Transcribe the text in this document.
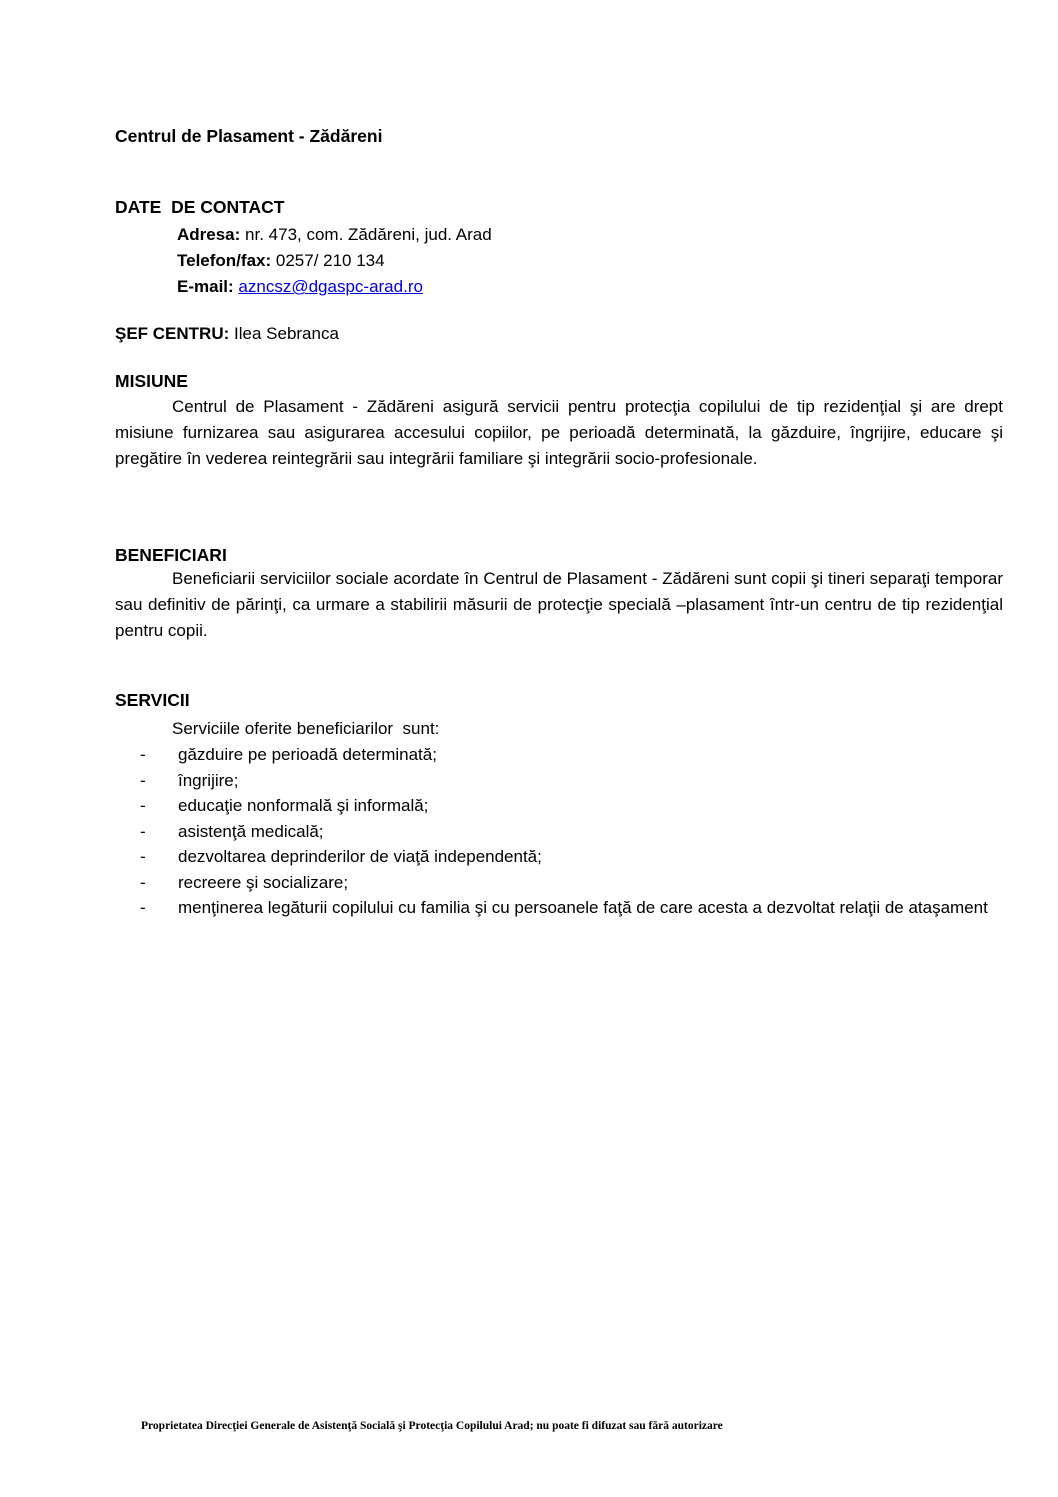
Centrul de Plasament - Zădăreni
DATE  DE CONTACT
Adresa: nr. 473, com. Zădăreni, jud. Arad
Telefon/fax: 0257/ 210 134
E-mail: azncsz@dgaspc-arad.ro
ŞEF CENTRU: Ilea Sebranca
MISIUNE
Centrul de Plasament - Zădăreni asigură servicii pentru protecţia copilului de tip rezidenţial şi are drept misiune furnizarea sau asigurarea accesului copiilor, pe perioadă determinată, la găzduire, îngrijire, educare şi pregătire în vederea reintegrării sau integrării familiare şi integrării socio-profesionale.
BENEFICIARI
Beneficiarii serviciilor sociale acordate în Centrul de Plasament - Zădăreni sunt copii şi tineri separaţi temporar sau definitiv de părinţi, ca urmare a stabilirii măsurii de protecţie specială –plasament într-un centru de tip rezidenţial pentru copii.
SERVICII
Serviciile oferite beneficiarilor  sunt:
- găzduire pe perioadă determinată;
- îngrijire;
- educaţie nonformală şi informală;
- asistenţă medicală;
- dezvoltarea deprinderilor de viaţă independentă;
- recreere şi socializare;
- menţinerea legăturii copilului cu familia şi cu persoanele faţă de care acesta a dezvoltat relaţii de ataşament
Proprietatea Direcţiei Generale de Asistenţă Socială şi Protecţia Copilului Arad; nu poate fi difuzat sau fără autorizare
